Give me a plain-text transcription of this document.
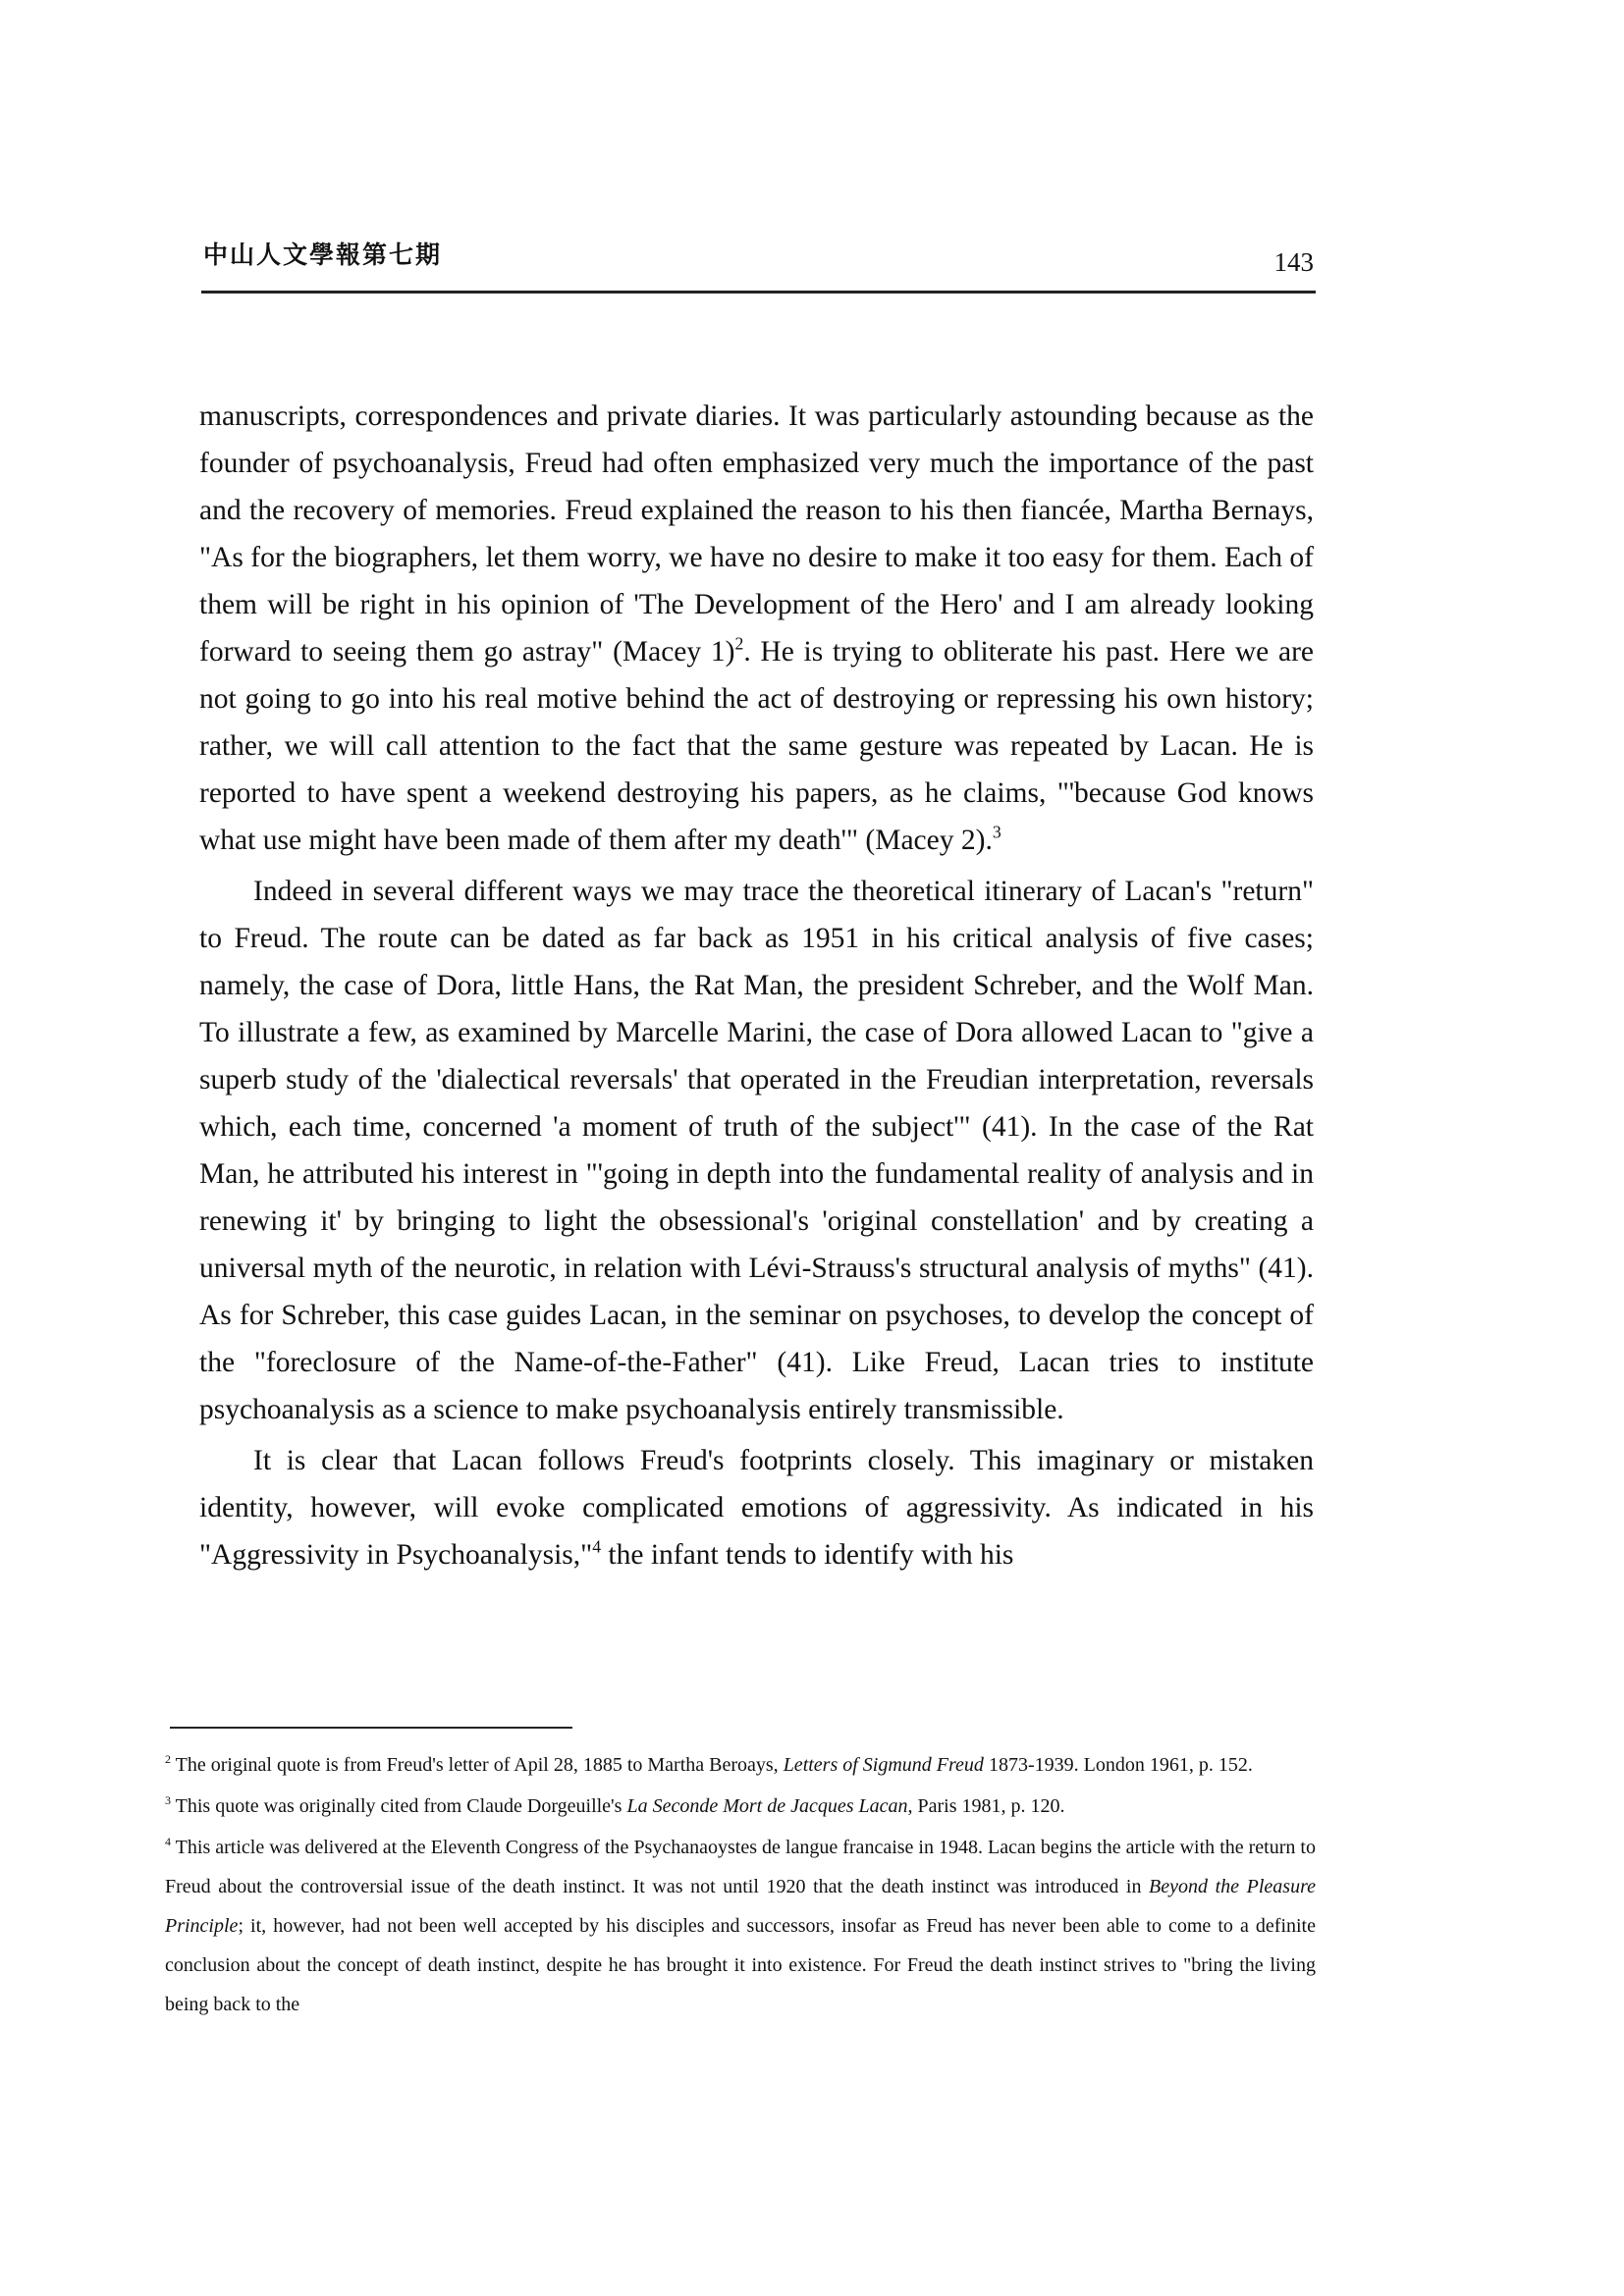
中山人文學報第七期	143

manuscripts, correspondences and private diaries. It was particularly astounding because as the founder of psychoanalysis, Freud had often emphasized very much the importance of the past and the recovery of memories. Freud explained the reason to his then fiancée, Martha Bernays, "As for the biographers, let them worry, we have no desire to make it too easy for them. Each of them will be right in his opinion of 'The Development of the Hero' and I am already looking forward to seeing them go astray" (Macey 1)$^2$. He is trying to obliterate his past. Here we are not going to go into his real motive behind the act of destroying or repressing his own history; rather, we will call attention to the fact that the same gesture was repeated by Lacan. He is reported to have spent a weekend destroying his papers, as he claims, "'because God knows what use might have been made of them after my death'" (Macey 2).$^3$

Indeed in several different ways we may trace the theoretical itinerary of Lacan's "return" to Freud. The route can be dated as far back as 1951 in his critical analysis of five cases; namely, the case of Dora, little Hans, the Rat Man, the president Schreber, and the Wolf Man. To illustrate a few, as examined by Marcelle Marini, the case of Dora allowed Lacan to "give a superb study of the 'dialectical reversals' that operated in the Freudian interpretation, reversals which, each time, concerned 'a moment of truth of the subject'" (41). In the case of the Rat Man, he attributed his interest in "'going in depth into the fundamental reality of analysis and in renewing it' by bringing to light the obsessional's 'original constellation' and by creating a universal myth of the neurotic, in relation with Lévi-Strauss's structural analysis of myths" (41). As for Schreber, this case guides Lacan, in the seminar on psychoses, to develop the concept of the "foreclosure of the Name-of-the-Father" (41). Like Freud, Lacan tries to institute psychoanalysis as a science to make psychoanalysis entirely transmissible.

It is clear that Lacan follows Freud's footprints closely. This imaginary or mistaken identity, however, will evoke complicated emotions of aggressivity. As indicated in his "Aggressivity in Psychoanalysis,"$^4$ the infant tends to identify with his

$^2$ The original quote is from Freud's letter of Apil 28, 1885 to Martha Beroays, Letters of Sigmund Freud 1873-1939. London 1961, p. 152.

$^3$ This quote was originally cited from Claude Dorgeuille's La Seconde Mort de Jacques Lacan, Paris 1981, p. 120.

$^4$ This article was delivered at the Eleventh Congress of the Psychanaoystes de langue francaise in 1948. Lacan begins the article with the return to Freud about the controversial issue of the death instinct. It was not until 1920 that the death instinct was introduced in Beyond the Pleasure Principle; it, however, had not been well accepted by his disciples and successors, insofar as Freud has never been able to come to a definite conclusion about the concept of death instinct, despite he has brought it into existence. For Freud the death instinct strives to "bring the living being back to the
